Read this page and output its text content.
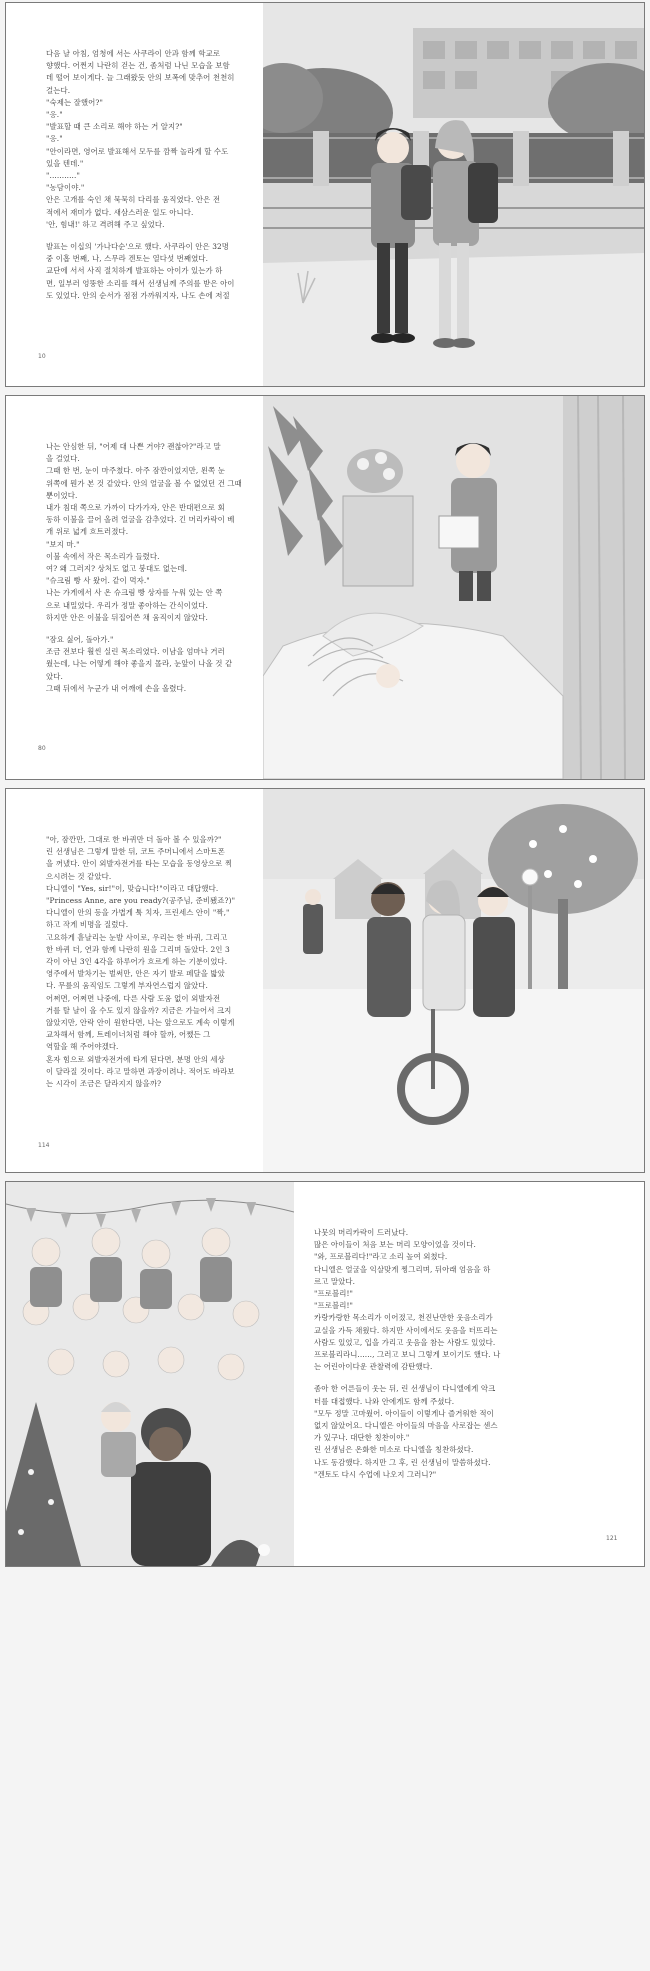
다음 날 아침, 엄청에 서는 사쿠라이 안과 함께 학교로

향했다. 어쩐지 나란히 걷는 건, 좀처럼 나닌 모습을 보함

데 떨어 보이게다. 늘 그래왔듯 안의 보폭에 맞추어 천천히

걸는다.

"숙제는 잘했어?"

"응."

"발표할 때 큰 소리로 해야 하는 거 알지?"

"응."

"안이라면, 영어로 발표해서 모두를 깜짝 놀라게 할 수도

있을 텐데."

"..........."

"농담이야."

안은 고개를 숙인 채 묵묵히 다리를 움직였다. 안은 전

적에서 재미가 없다. 새삼스러운 일도 아니다.

'안, 힘내!' 하고 격려해 주고 싶었다.

발표는 이십의 '가나다순'으로 했다. 사쿠라이 안은 32명

중 이홉 번째, 나, 스무라 겐토는 열다섯 번째였다.

교단에 서서 사직 절치하게 발표하는 아이가 있는가 하

면, 일부러 엉뚱한 소리를 해서 선생님께 주의를 받은 아이

도 있었다. 안의 순서가 점점 가까워지자, 나도 손에 저절

10

나는 안심한 뒤, "어제 대 나쁜 거야? 괜찮아?"라고 말

을 걸었다.

그때 한 번, 눈이 마주쳤다. 아주 잠깐이었지만, 왼쪽 눈

위쪽에 뭔가 본 것 같았다. 안의 얼굴을 볼 수 없었던 건 그때

뿐이었다.

내가 침대 쪽으로 가까이 다가가자, 안은 반대편으로 회

동하 이불을 끌어 올려 얼굴을 감추었다. 긴 머리카락이 베

개 위로 넓게 흐트러졌다.

"보지 마."

이불 속에서 작은 목소리가 들렸다.

여? 왜 그러지? 상처도 없고 붕대도 없는데.

"슈크림 빵 사 왔어. 같이 먹자."

나는 가게에서 사 온 슈크림 빵 상자를 누워 있는 안 쪽

으로 내밀었다. 우리가 정말 좋아하는 간식이었다.

하지만 안은 이불을 뒤집어쓴 채 움직이지 않았다.

"잠요 싫어, 돌아가."

조금 전보다 훨씬 실린 목소리였다. 이남을 엄마나 거러

웠는데, 나는 어떻게 해야 좋을지 몰라, 눈앞이 나올 것 같

았다.

그때 뒤에서 누군가 내 어깨에 손을 올렸다.

80

"아, 잠깐만, 그대로 한 바퀴만 더 돌아 볼 수 있을까?"

린 선생님은 그렇게 말한 뒤, 코트 주머니에서 스마트폰

을 꺼냈다. 안이 외발자전거를 타는 모습을 동영상으로 찍

으시려는 것 같았다.

다니엘이 "Yes, sir!"이, 맞습니다!"이라고 대답했다.

"Princess Anne, are you ready?(공주님, 준비됐죠?)"

다니엘이 안의 등을 가볍게 툭 치자, 프린세스 안이 "짝,"

하고 작게 비명을 질렀다.

고요하게 흩날리는 눈발 사이로, 우리는 한 바퀴, 그리고

한 바퀴 더, 연과 함께 나란히 원을 그리며 돌았다. 2인 3

각이 아닌 3인 4각을 하루어가 흐르게 하는 기분이었다.

영주에서 발차기는 벌써만, 안은 자기 발로 페달을 밟았

다. 무릎의 움직임도 그렇게 부자연스럽지 않았다.

어쩌면, 어쩌면 나중에, 다른 사람 도움 없이 외발자전

거를 탈 날이 올 수도 있지 않을까? 지금은 가늘어서 크지

않았지만, 안락 안이 원한다면, 나는 앞으로도 계속 이렇게

교차해서 함께, 트레이너처럼 해야 할까, 어쨌든 그

역할을 해 주어야겠다.

혼자 힘으로 외발자전거에 타게 된다면, 분명 안의 세상

이 달라질 것이다. 라고 말하면 과장이려나. 적어도 바라보

는 시각이 조금은 달라지지 않을까?

114

나뭇의 머리카락이 드러났다.

많은 아이들이 처음 보는 머리 모양이었을 것이다.

"와, 프로블리다!"라고 소리 높여 외쳤다.

다니엘은 얼굴을 익살맞게 찡그리며, 뒤아래 엄음을 하

르고 말았다.

"프로블리!"

"프로블리!"

카랑카랑한 목소리가 이어졌고, 천진난만한 웃음소리가

교실을 가득 채웠다. 하지만 사이에서도 웃음을 터뜨리는

사람도 있었고, 입을 가리고 웃음을 참는 사람도 있었다.

프로블리라니......, 그러고 보니 그렇게 보이기도 했다. 나

는 어린아이다운 관찰력에 감탄했다.

좀아 한 어른들이 웃는 뒤, 린 선생님이 다니엘에게 악크

터를 대접했다. 나와 안에게도 함께 주셨다.

"모두 정말 고마웠어. 아이들이 이렇게나 즐거워한 적이

없지 않았어요. 다니엘은 아이들의 마음을 사로잡는 센스

가 있구나. 대단한 칭찬이야."

린 선생님은 온화한 미소로 다니엘을 칭찬하셨다.

나도 동감했다. 하지만 그 후, 린 선생님이 말씀하셨다.

"겐토도 다시 수업에 나오지 그러니?"

121
